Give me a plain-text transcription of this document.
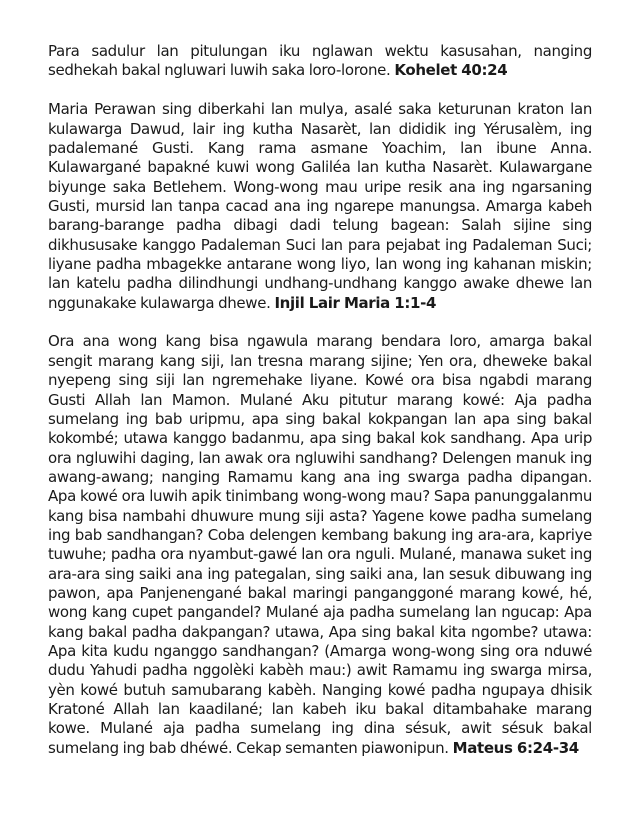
Para sadulur lan pitulungan iku nglawan wektu kasusahan, nanging sedhekah bakal ngluwari luwih saka loro-lorone. Kohelet 40:24

Maria Perawan sing diberkahi lan mulya, asalé saka keturunan kraton lan kulawarga Dawud, lair ing kutha Nasarèt, lan dididik ing Yérusalèm, ing padalemané Gusti. Kang rama asmane Yoachim, lan ibune Anna. Kulawargané bapakné kuwi wong Galiléa lan kutha Nasarèt. Kulawargane biyunge saka Betlehem. Wong-wong mau uripe resik ana ing ngarsaning Gusti, mursid lan tanpa cacad ana ing ngarepe manungsa. Amarga kabeh barang-barange padha dibagi dadi telung bagean: Salah sijine sing dikhususake kanggo Padaleman Suci lan para pejabat ing Padaleman Suci; liyane padha mbagekke antarane wong liyo, lan wong ing kahanan miskin; lan katelu padha dilindhungi undhang-undhang kanggo awake dhewe lan nggunakake kulawarga dhewe. Injil Lair Maria 1:1-4

Ora ana wong kang bisa ngawula marang bendara loro, amarga bakal sengit marang kang siji, lan tresna marang sijine; Yen ora, dheweke bakal nyepeng sing siji lan ngremehake liyane. Kowé ora bisa ngabdi marang Gusti Allah lan Mamon. Mulané Aku pitutur marang kowé: Aja padha sumelang ing bab uripmu, apa sing bakal kokpangan lan apa sing bakal kokombé; utawa kanggo badanmu, apa sing bakal kok sandhang. Apa urip ora ngluwihi daging, lan awak ora ngluwihi sandhang? Delengen manuk ing awang-awang; nanging Ramamu kang ana ing swarga padha dipangan. Apa kowé ora luwih apik tinimbang wong-wong mau? Sapa panunggalanmu kang bisa nambahi dhuwure mung siji asta? Yagene kowe padha sumelang ing bab sandhangan? Coba delengen kembang bakung ing ara-ara, kapriye tuwuhe; padha ora nyambut-gawé lan ora nguli. Mulané, manawa suket ing ara-ara sing saiki ana ing pategalan, sing saiki ana, lan sesuk dibuwang ing pawon, apa Panjenengané bakal maringi panganggoné marang kowé, hé, wong kang cupet pangandel? Mulané aja padha sumelang lan ngucap: Apa kang bakal padha dakpangan? utawa, Apa sing bakal kita ngombe? utawa: Apa kita kudu nganggo sandhangan? (Amarga wong-wong sing ora nduwé dudu Yahudi padha nggolèki kabèh mau:) awit Ramamu ing swarga mirsa, yèn kowé butuh samubarang kabèh. Nanging kowé padha ngupaya dhisik Kratoné Allah lan kaadilané; lan kabeh iku bakal ditambahake marang kowe. Mulané aja padha sumelang ing dina sésuk, awit sésuk bakal sumelang ing bab dhéwé. Cekap semanten piawonipun. Mateus 6:24-34
